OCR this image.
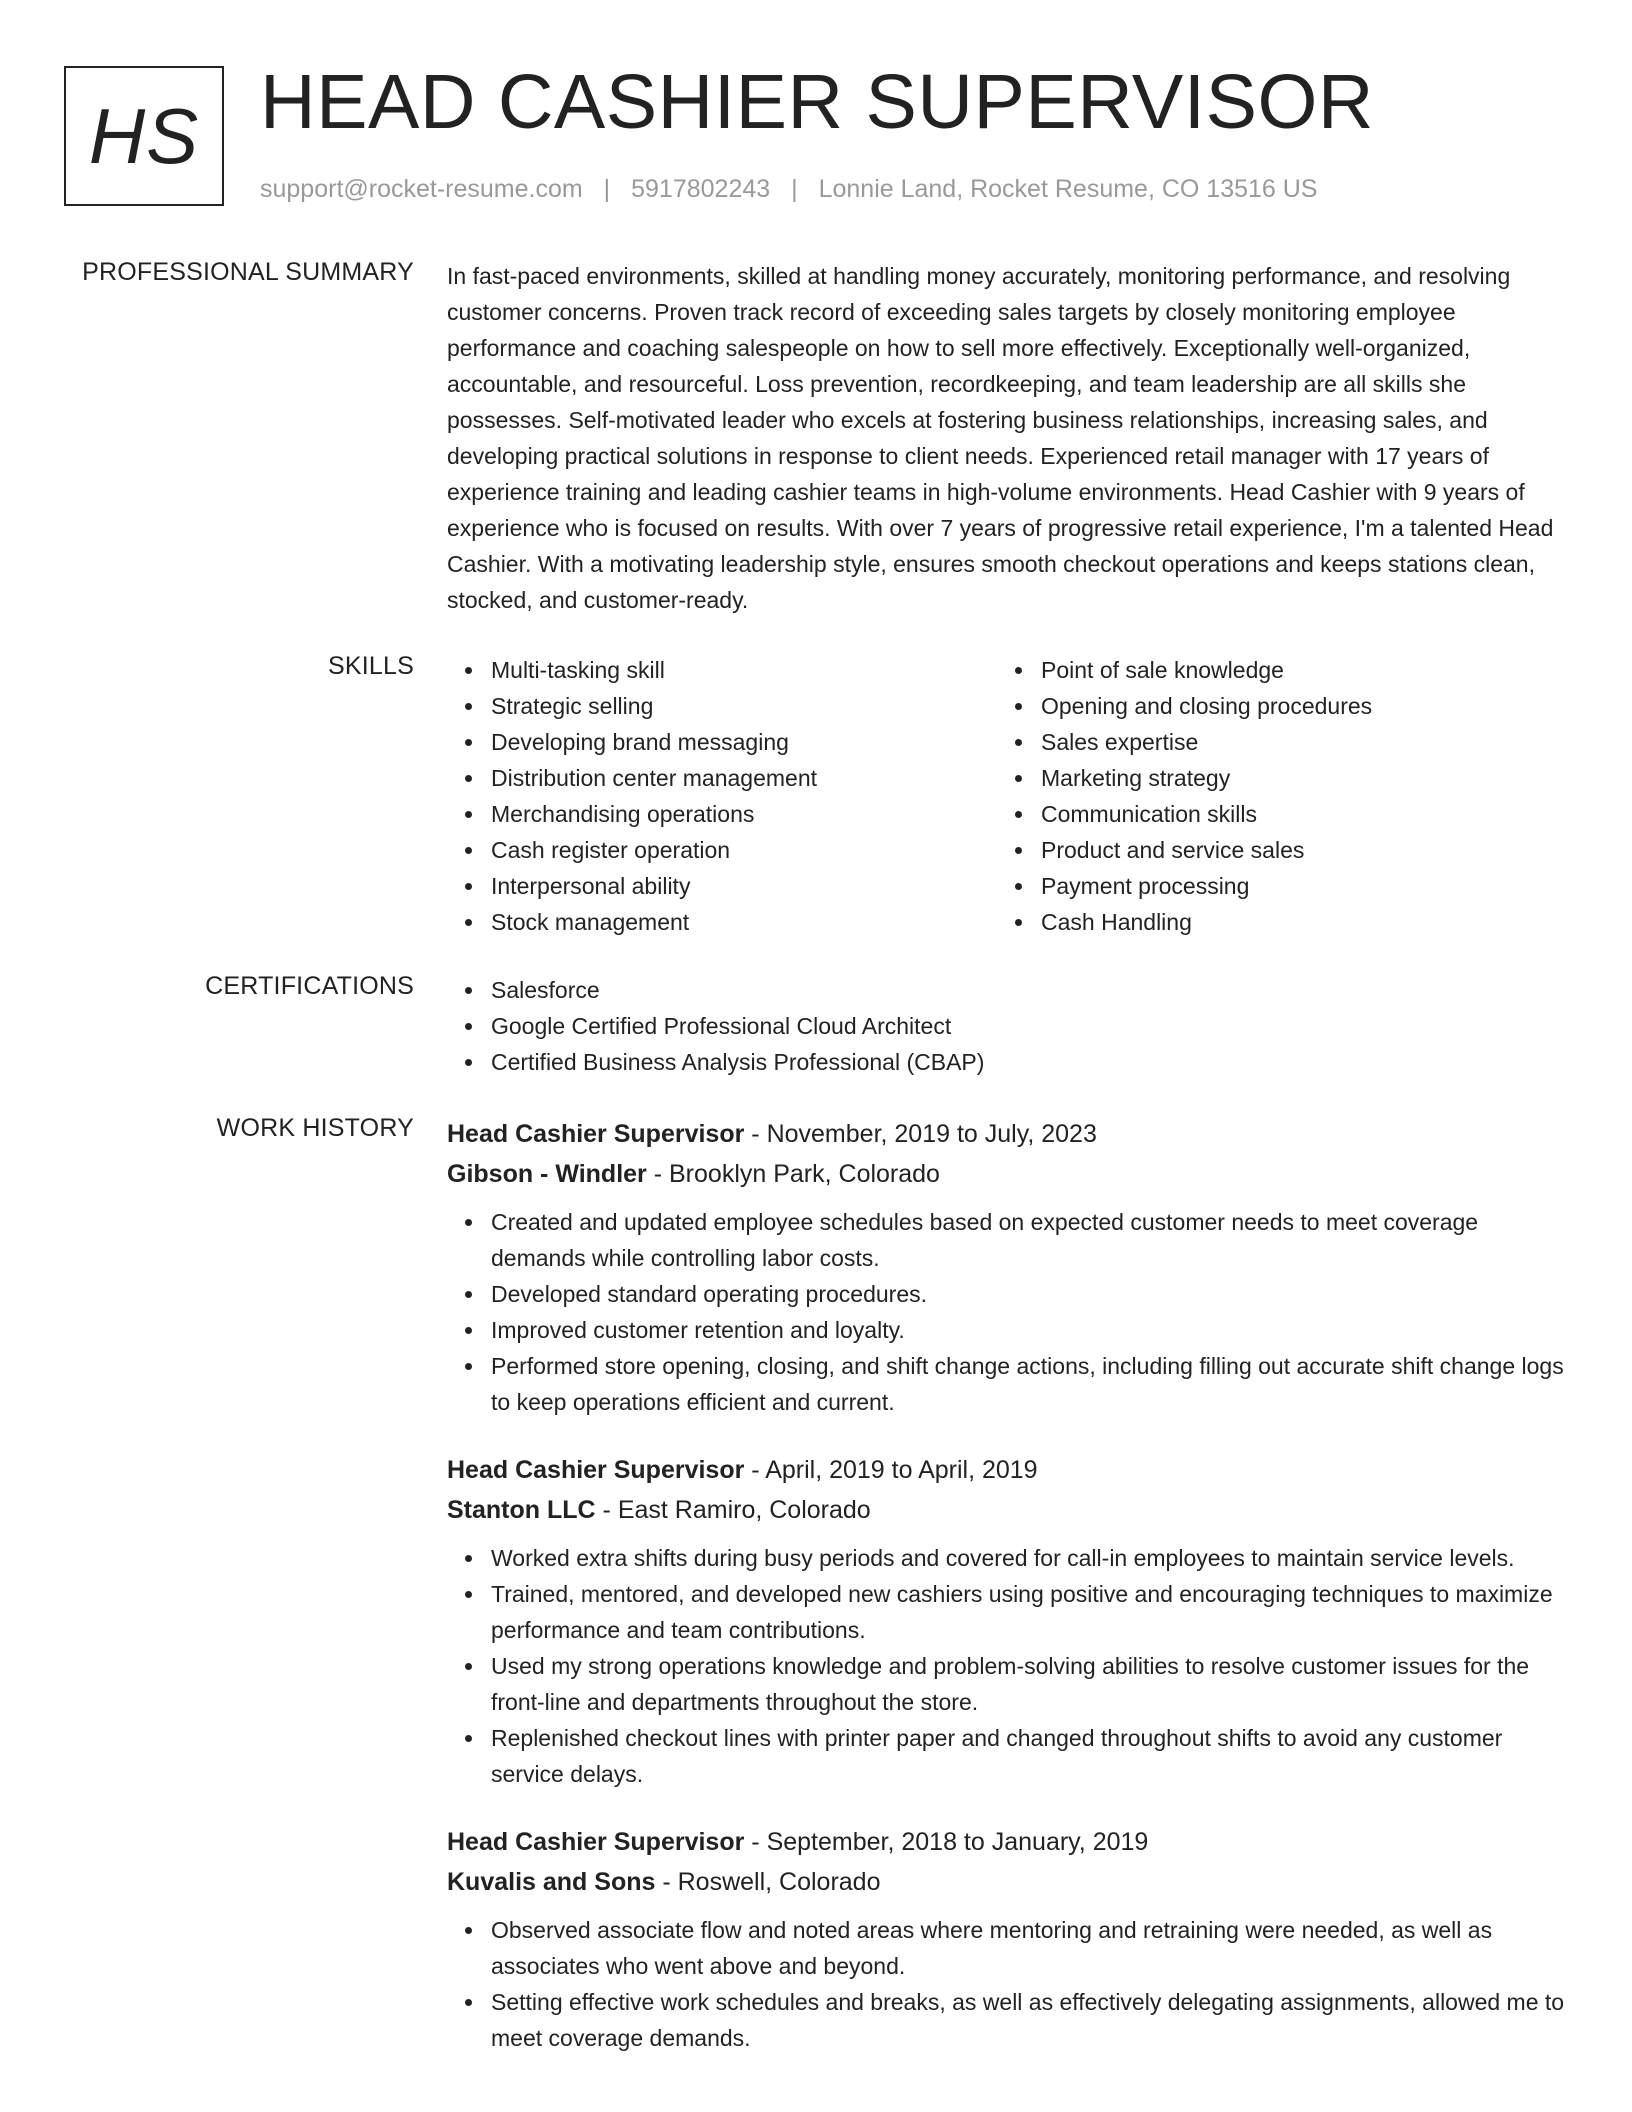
HS HEAD CASHIER SUPERVISOR
support@rocket-resume.com | 5917802243 | Lonnie Land, Rocket Resume, CO 13516 US
PROFESSIONAL SUMMARY In fast-paced environments, skilled at handling money accurately, monitoring performance, and resolving customer concerns. Proven track record of exceeding sales targets by closely monitoring employee performance and coaching salespeople on how to sell more effectively. Exceptionally well-organized, accountable, and resourceful. Loss prevention, recordkeeping, and team leadership are all skills she possesses. Self-motivated leader who excels at fostering business relationships, increasing sales, and developing practical solutions in response to client needs. Experienced retail manager with 17 years of experience training and leading cashier teams in high-volume environments. Head Cashier with 9 years of experience who is focused on results. With over 7 years of progressive retail experience, I'm a talented Head Cashier. With a motivating leadership style, ensures smooth checkout operations and keeps stations clean, stocked, and customer-ready.

SKILLS	Multi-tasking skill
Strategic selling
Developing brand messaging
Distribution center management
Merchandising operations
Cash register operation
Interpersonal ability
Stock management
Point of sale knowledge
Opening and closing procedures
Sales expertise
Marketing strategy
Communication skills
Product and service sales
Payment processing
Cash Handling
CERTIFICATIONS	Salesforce
Google Certified Professional Cloud Architect
Certified Business Analysis Professional (CBAP)
WORK HISTORY Head Cashier Supervisor - November, 2019 to July, 2023
Gibson - Windler - Brooklyn Park, Colorado
Created and updated employee schedules based on expected customer needs to meet coverage demands while controlling labor costs.
Developed standard operating procedures.
Improved customer retention and loyalty.
Performed store opening, closing, and shift change actions, including filling out accurate shift change logs to keep operations efficient and current.
Head Cashier Supervisor - April, 2019 to April, 2019
Stanton LLC - East Ramiro, Colorado
Worked extra shifts during busy periods and covered for call-in employees to maintain service levels.
Trained, mentored, and developed new cashiers using positive and encouraging techniques to maximize performance and team contributions.
Used my strong operations knowledge and problem-solving abilities to resolve customer issues for the front-line and departments throughout the store.
Replenished checkout lines with printer paper and changed throughout shifts to avoid any customer service delays.
Head Cashier Supervisor - September, 2018 to January, 2019
Kuvalis and Sons - Roswell, Colorado
Observed associate flow and noted areas where mentoring and retraining were needed, as well as associates who went above and beyond.
Setting effective work schedules and breaks, as well as effectively delegating assignments, allowed me to meet coverage demands.
